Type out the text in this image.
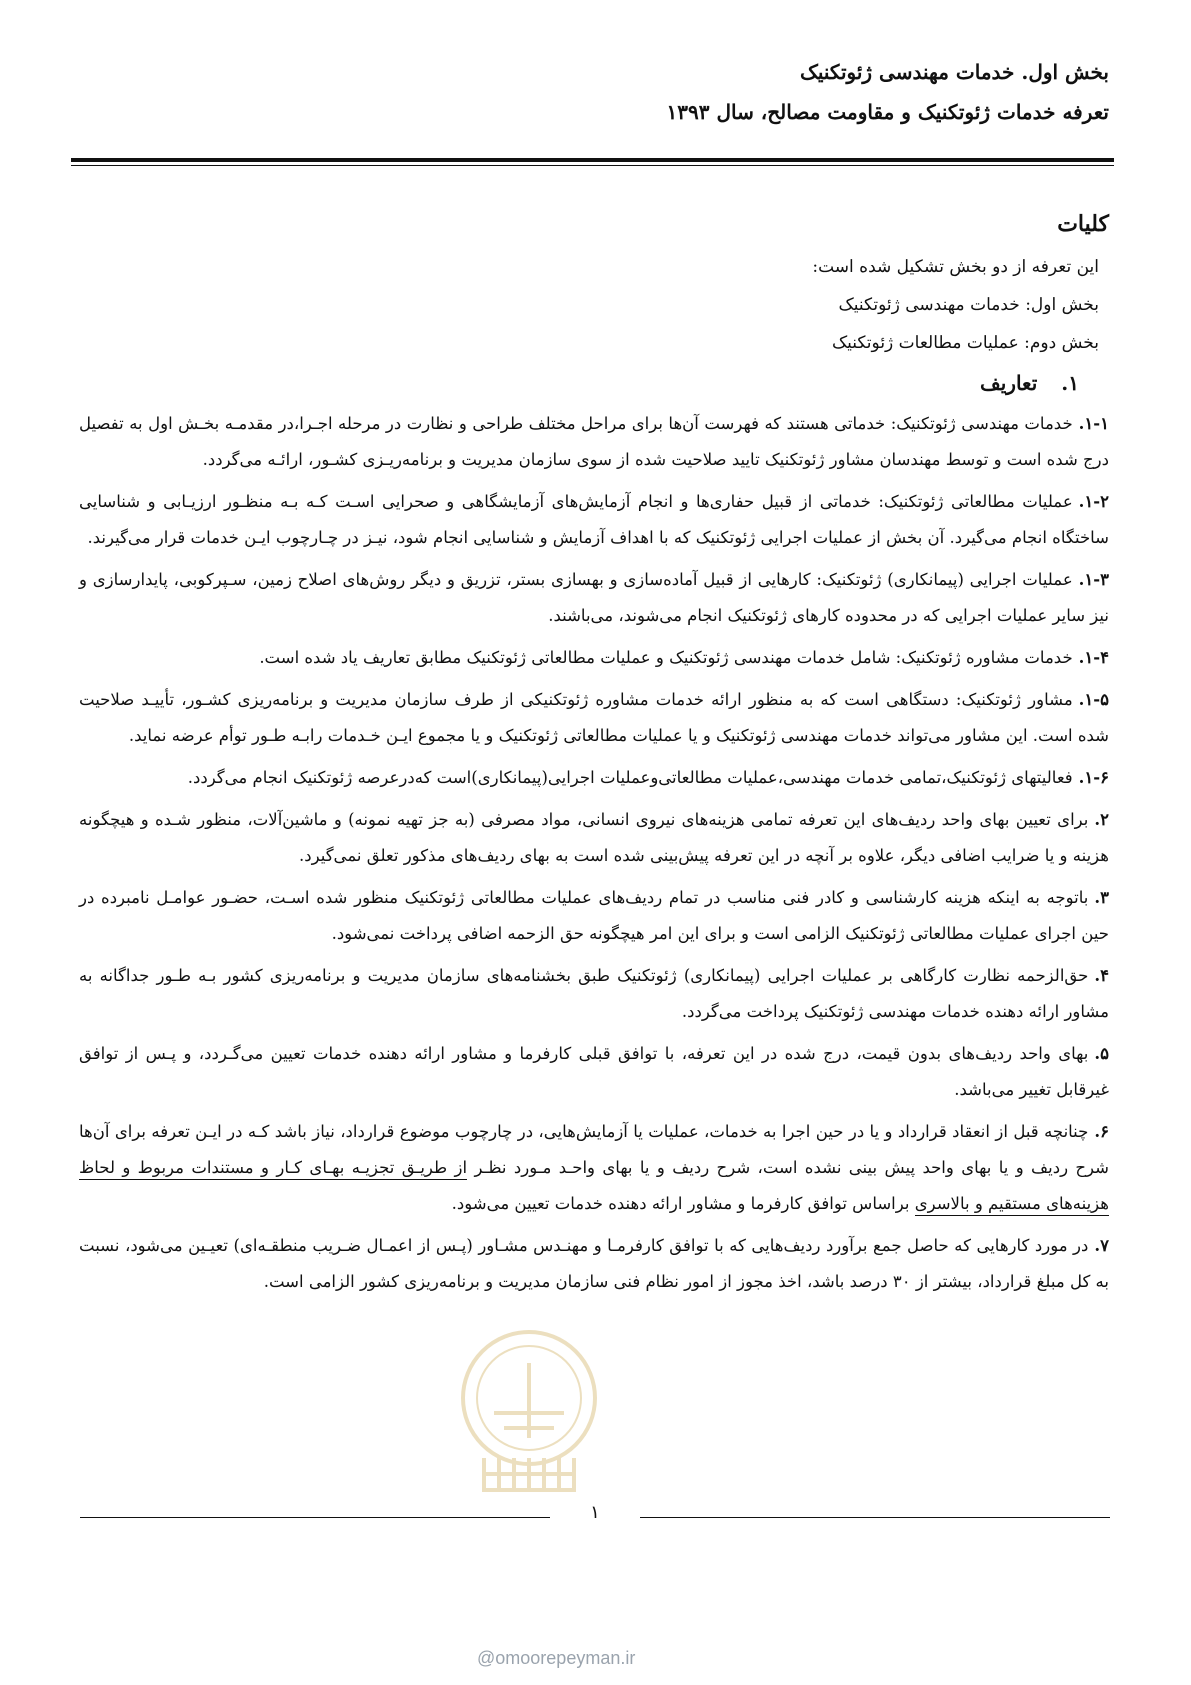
بخش اول. خدمات مهندسی ژئوتکنیک
تعرفه خدمات ژئوتکنیک و مقاومت مصالح، سال ۱۳۹۳
کلیات

این تعرفه از دو بخش تشکیل شده است:

بخش اول: خدمات مهندسی ژئوتکنیک

بخش دوم: عملیات مطالعات ژئوتکنیک

۱.تعاریف

۱-۱.خدمات مهندسی ژئوتکنیک: خدماتی هستند که فهرست آن‌ها برای مراحل مختلف طراحی و نظارت در مرحله اجـرا،در مقدمـه بخـش اول به تفصیل درج شده است و توسط مهندسان مشاور ژئوتکنیک تایید صلاحیت شده از سوی سازمان مدیریت و برنامه‌ریـزی کشـور، ارائـه می‌گردد.

۱-۲.عملیات مطالعاتی ژئوتکنیک: خدماتی از قبیل حفاری‌ها و انجام آزمایش‌های آزمایشگاهی و صحرایی اسـت کـه بـه منظـور ارزیـابی و شناسایی ساختگاه انجام می‌گیرد. آن بخش از عملیات اجرایی ژئوتکنیک که با اهداف آزمایش و شناسایی انجام شود، نیـز در چـارچوب ایـن خدمات قرار می‌گیرند.

۱-۳.عملیات اجرایی (پیمانکاری) ژئوتکنیک: کارهایی از قبیل آماده‌سازی و بهسازی بستر، تزریق و دیگر روش‌های اصلاح زمین، سـپرکوبی، پایدارسازی و نیز سایر عملیات اجرایی که در محدوده کارهای ژئوتکنیک انجام می‌شوند، می‌باشند.

۱-۴.خدمات مشاوره ژئوتکنیک: شامل خدمات مهندسی ژئوتکنیک و عملیات مطالعاتی ژئوتکنیک مطابق تعاریف یاد شده است.

۱-۵.مشاور ژئوتکنیک: دستگاهی است که به منظور ارائه خدمات مشاوره ژئوتکنیکی از طرف سازمان مدیریت و برنامه‌ریزی کشـور، تأییـد صلاحیت شده است. این مشاور می‌تواند خدمات مهندسی ژئوتکنیک و یا عملیات مطالعاتی ژئوتکنیک و یا مجموع ایـن خـدمات رابـه طـور توأم عرضه نماید.

۱-۶.فعالیتهای ژئوتکنیک،تمامی خدمات مهندسی،عملیات مطالعاتی‌وعملیات اجرایی(پیمانکاری)است که‌درعرصه ژئوتکنیک انجام می‌گردد.

۲.برای تعیین بهای واحد ردیف‌های این تعرفه تمامی هزینه‌های نیروی انسانی، مواد مصرفی (به جز تهیه نمونه) و ماشین‌آلات، منظور شـده و هیچگونه هزینه و یا ضرایب اضافی دیگر، علاوه بر آنچه در این تعرفه پیش‌بینی شده است به بهای ردیف‌های مذکور تعلق نمی‌گیرد.

۳.باتوجه به اینکه هزینه کارشناسی و کادر فنی مناسب در تمام ردیف‌های عملیات مطالعاتی ژئوتکنیک منظور شده اسـت، حضـور عوامـل نامبرده در حین اجرای عملیات مطالعاتی ژئوتکنیک الزامی است و برای این امر هیچگونه حق الزحمه اضافی پرداخت نمی‌شود.

۴.حق‌الزحمه نظارت کارگاهی بر عملیات اجرایی (پیمانکاری) ژئوتکنیک طبق بخشنامه‌های سازمان مدیریت و برنامه‌ریزی کشور بـه طـور جداگانه به مشاور ارائه دهنده خدمات مهندسی ژئوتکنیک پرداخت می‌گردد.

۵.بهای واحد ردیف‌های بدون قیمت، درج شده در این تعرفه، با توافق قبلی کارفرما و مشاور ارائه دهنده خدمات تعیین می‌گـردد، و پـس از توافق غیرقابل تغییر می‌باشد.

۶.چنانچه قبل از انعقاد قرارداد و یا در حین اجرا به خدمات، عملیات یا آزمایش‌هایی، در چارچوب موضوع قرارداد، نیاز باشد کـه در ایـن تعرفه برای آن‌ها شرح ردیف و یا بهای واحد پیش بینی نشده است، شرح ردیف و یا بهای واحـد مـورد نظـر از طریـق تجزیـه بهـای کـار و مستندات مربوط و لحاظ هزینه‌های مستقیم و بالاسری براساس توافق کارفرما و مشاور ارائه دهنده خدمات تعیین می‌شود.

۷.در مورد کارهایی که حاصل جمع برآورد ردیف‌هایی که با توافق کارفرمـا و مهنـدس مشـاور (پـس از اعمـال ضـریب منطقـه‌ای) تعیـین می‌شود، نسبت به کل مبلغ قرارداد، بیشتر از ۳۰ درصد باشد، اخذ مجوز از امور نظام فنی سازمان مدیریت و برنامه‌ریزی کشور الزامی است.

۱
@omoorepeyman.ir
